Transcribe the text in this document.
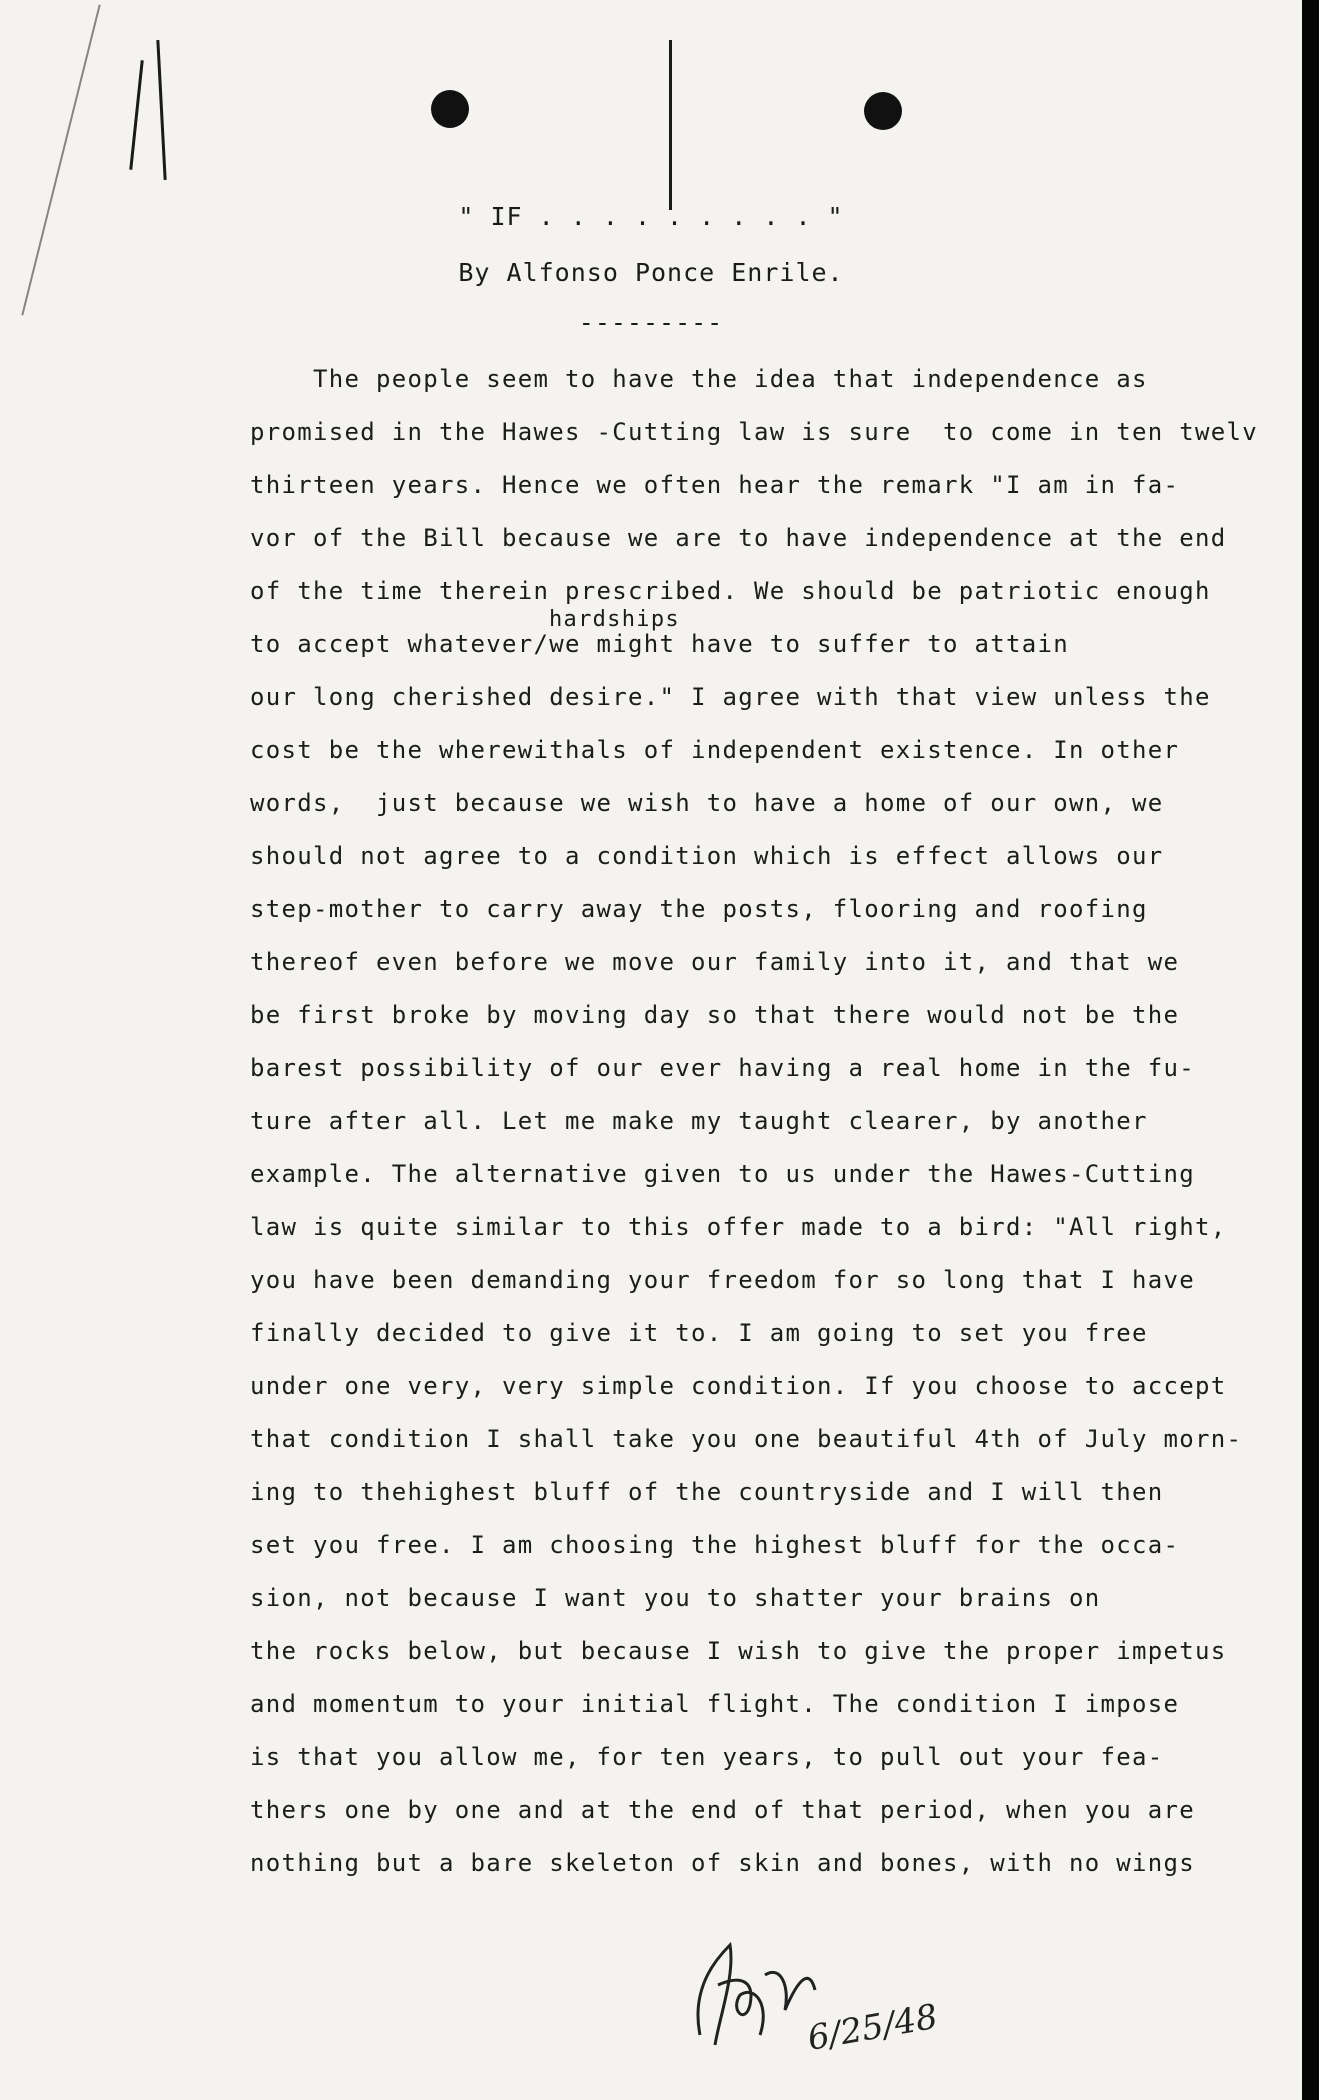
" IF . . . . . . . . . "
By Alfonso Ponce Enrile.
---------
hardships
The people seem to have the idea that independence as
promised in the Hawes -Cutting law is sure  to come in ten twelv
thirteen years. Hence we often hear the remark "I am in fa-
vor of the Bill because we are to have independence at the end
of the time therein prescribed. We should be patriotic enough
to accept whatever/we might have to suffer to attain
our long cherished desire." I agree with that view unless the
cost be the wherewithals of independent existence. In other
words,  just because we wish to have a home of our own, we
should not agree to a condition which is effect allows our
step-mother to carry away the posts, flooring and roofing
thereof even before we move our family into it, and that we
be first broke by moving day so that there would not be the
barest possibility of our ever having a real home in the fu-
ture after all. Let me make my taught clearer, by another
example. The alternative given to us under the Hawes-Cutting
law is quite similar to this offer made to a bird: "All right,
you have been demanding your freedom for so long that I have
finally decided to give it to. I am going to set you free
under one very, very simple condition. If you choose to accept
that condition I shall take you one beautiful 4th of July morn-
ing to thehighest bluff of the countryside and I will then
set you free. I am choosing the highest bluff for the occa-
sion, not because I want you to shatter your brains on
the rocks below, but because I wish to give the proper impetus
and momentum to your initial flight. The condition I impose
is that you allow me, for ten years, to pull out your fea-
thers one by one and at the end of that period, when you are
nothing but a bare skeleton of skin and bones, with no wings
6/25/48
